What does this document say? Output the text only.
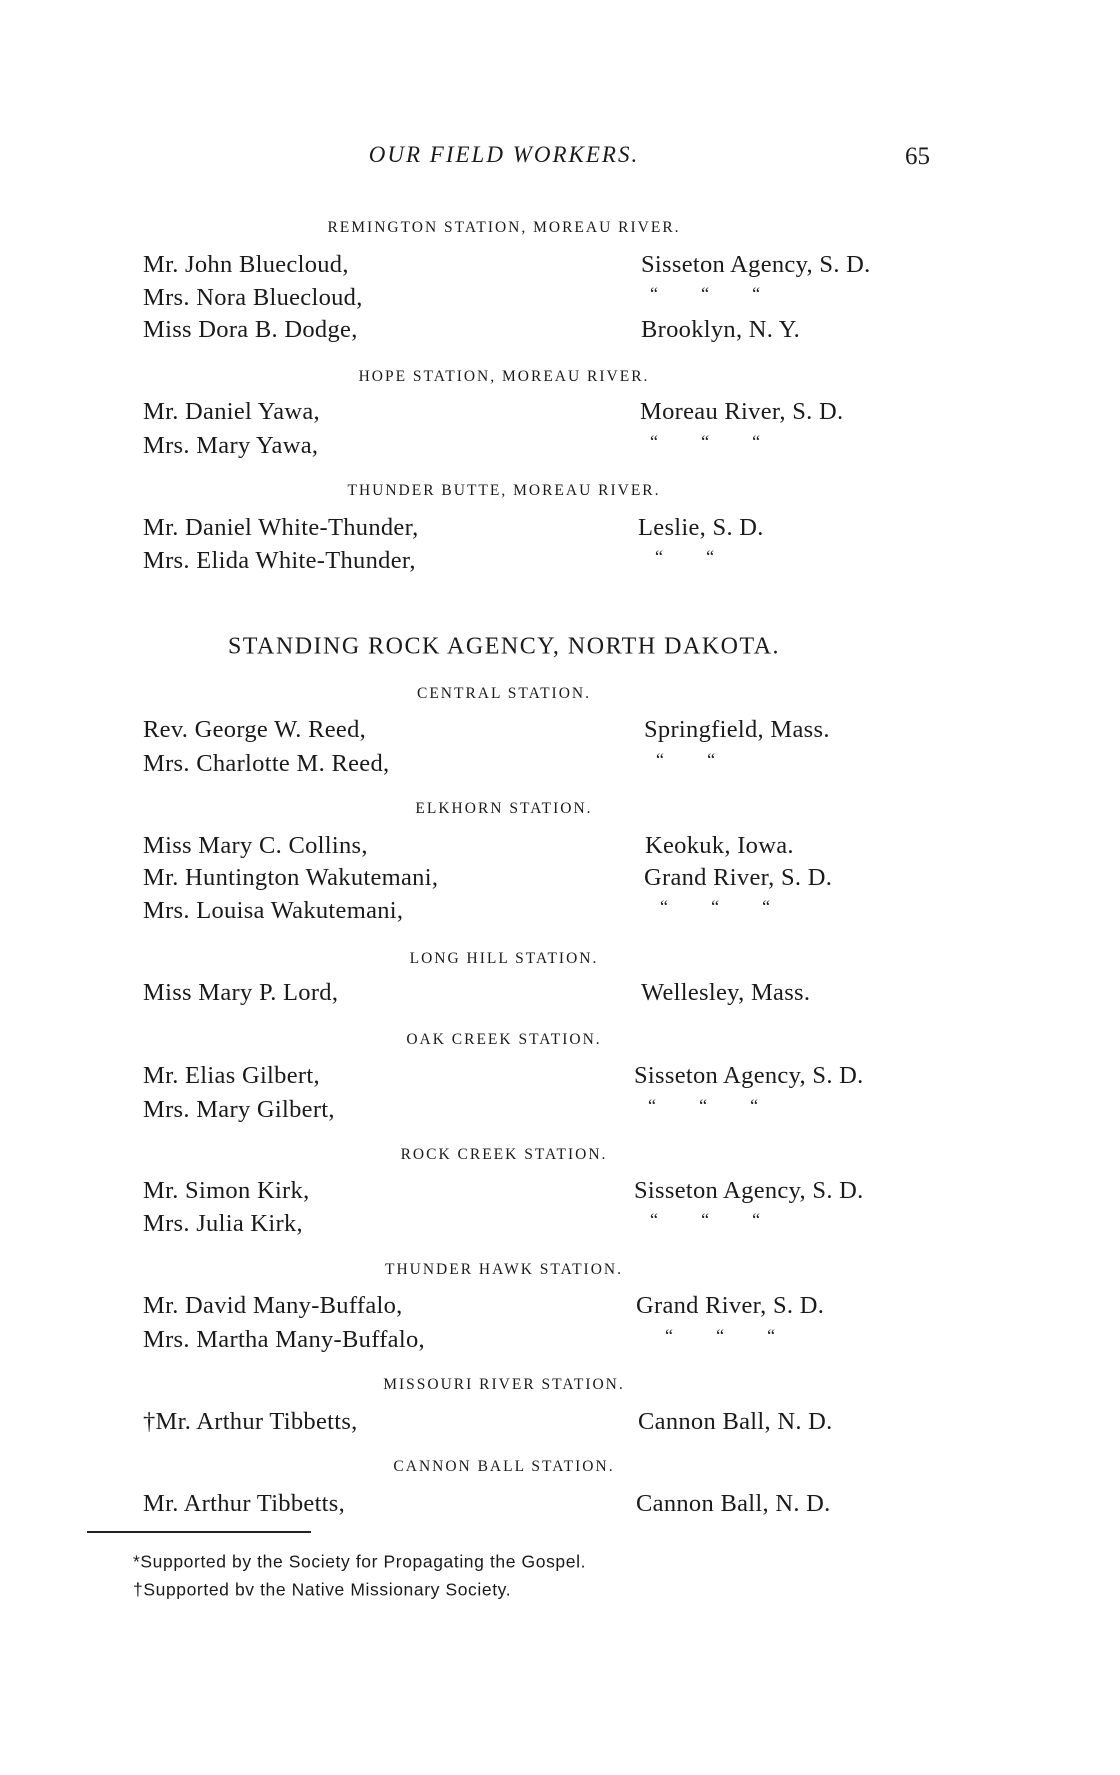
OUR FIELD WORKERS.	65
REMINGTON STATION, MOREAU RIVER.
Mr. John Bluecloud,	Sisseton Agency, S. D.
Mrs. Nora Bluecloud,	“ “ “
Miss Dora B. Dodge,	Brooklyn, N. Y.
HOPE STATION, MOREAU RIVER.
Mr. Daniel Yawa,	Moreau River, S. D.
Mrs. Mary Yawa,	“ “ “
THUNDER BUTTE, MOREAU RIVER.
Mr. Daniel White-Thunder,	Leslie, S. D.
Mrs. Elida White-Thunder,	“ “
STANDING ROCK AGENCY, NORTH DAKOTA.
CENTRAL STATION.
Rev. George W. Reed,	Springfield, Mass.
Mrs. Charlotte M. Reed,	“ “
ELKHORN STATION.
Miss Mary C. Collins,	Keokuk, Iowa.
Mr. Huntington Wakutemani,	Grand River, S. D.
Mrs. Louisa Wakutemani,	“ “ “
LONG HILL STATION.
Miss Mary P. Lord,	Wellesley, Mass.
OAK CREEK STATION.
Mr. Elias Gilbert,	Sisseton Agency, S. D.
Mrs. Mary Gilbert,	“ “ “
ROCK CREEK STATION.
Mr. Simon Kirk,	Sisseton Agency, S. D.
Mrs. Julia Kirk,	“ “ “
THUNDER HAWK STATION.
Mr. David Many-Buffalo,	Grand River, S. D.
Mrs. Martha Many-Buffalo,	“ “ “
MISSOURI RIVER STATION.
†Mr. Arthur Tibbetts,	Cannon Ball, N. D.
CANNON BALL STATION.
Mr. Arthur Tibbetts,	Cannon Ball, N. D.
*Supported by the Society for Propagating the Gospel.
†Supported bv the Native Missionary Society.
